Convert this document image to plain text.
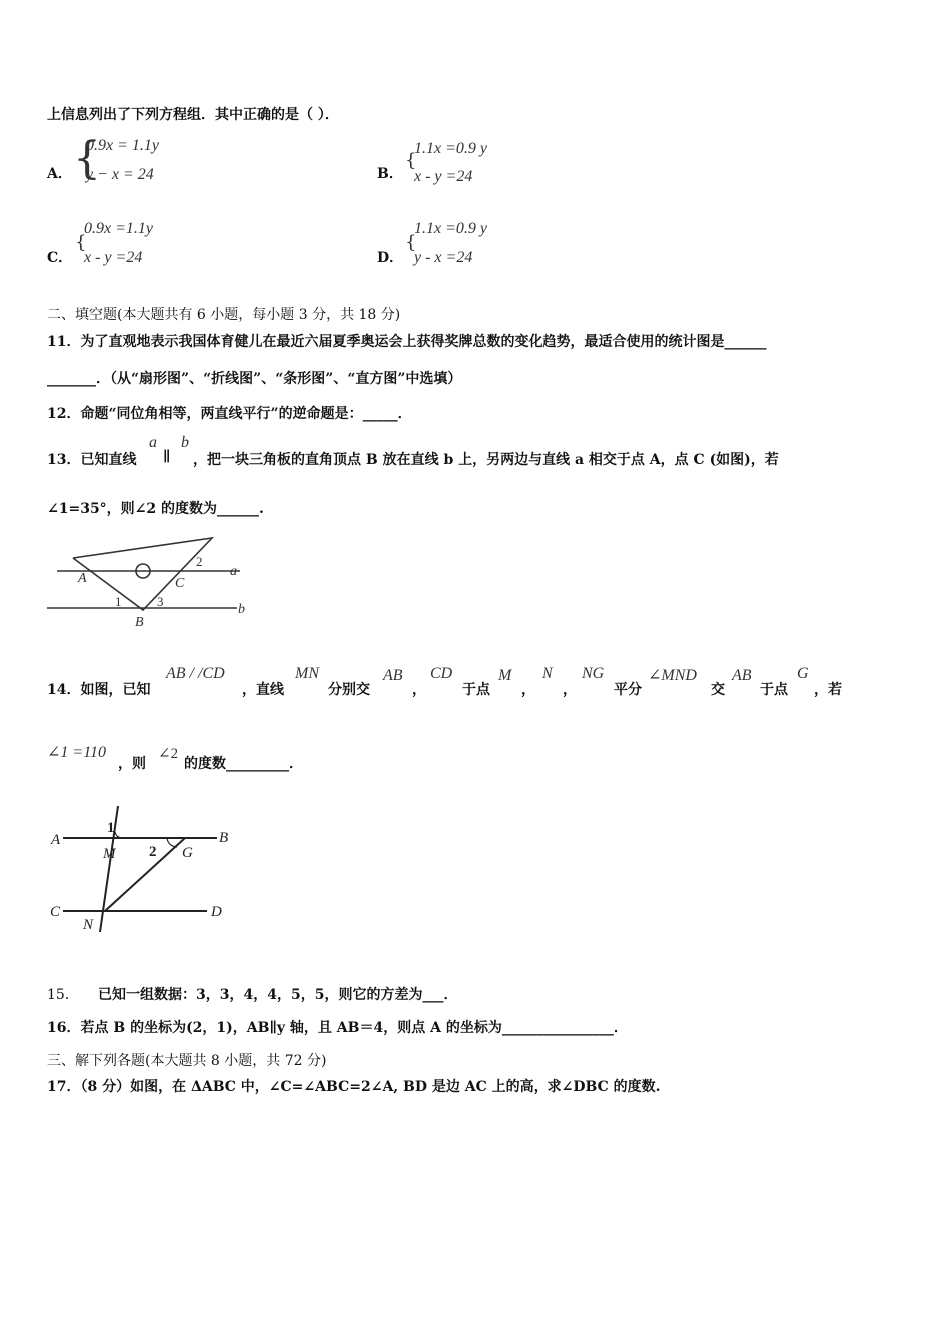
上信息列出了下列方程组．其中正确的是（ ）．
A． {
0.9x = 1.1y
y − x = 24	B．
{
1.1x =0.9 y
x - y =24
C．
{
0.9x =1.1y
x - y =24	D．
{
1.1x =0.9 y
y - x =24
二、填空题(本大题共有 6 小题，每小题 3 分，共 18 分)
11．为了直观地表示我国体育健儿在最近六届夏季奥运会上获得奖牌总数的变化趋势，最适合使用的统计图是______
_______．（从“扇形图”、“折线图”、“条形图”、“直方图”中选填）
12．命题“同位角相等，两直线平行”的逆命题是：_____．
13．已知直线
a
∥
b
，把一块三角板的直角顶点 B 放在直线 b 上，另两边与直线 a 相交于点 A，点 C (如图)，若
∠1=35°，则∠2 的度数为______.
A
B
C
1
2
3
a
b
14．如图，已知
AB / /CD
，直线
MN
分别交
AB
，
CD
于点
M
，
N
，
NG
平分
∠MND
交
AB
于点
G
，若
∠1 =110
，则
∠2
的度数_________．
A	B
C	D
M
N
G
1
2
15． 已知一组数据：3，3，4，4，5，5，则它的方差为___．
16．若点 B 的坐标为(2，1)，AB∥y 轴，且 AB＝4，则点 A 的坐标为________________．
三、解下列各题(本大题共 8 小题，共 72 分)
17．（8 分）如图，在 ΔABC 中，∠C=∠ABC=2∠A, BD 是边 AC 上的高，求∠DBC 的度数.
